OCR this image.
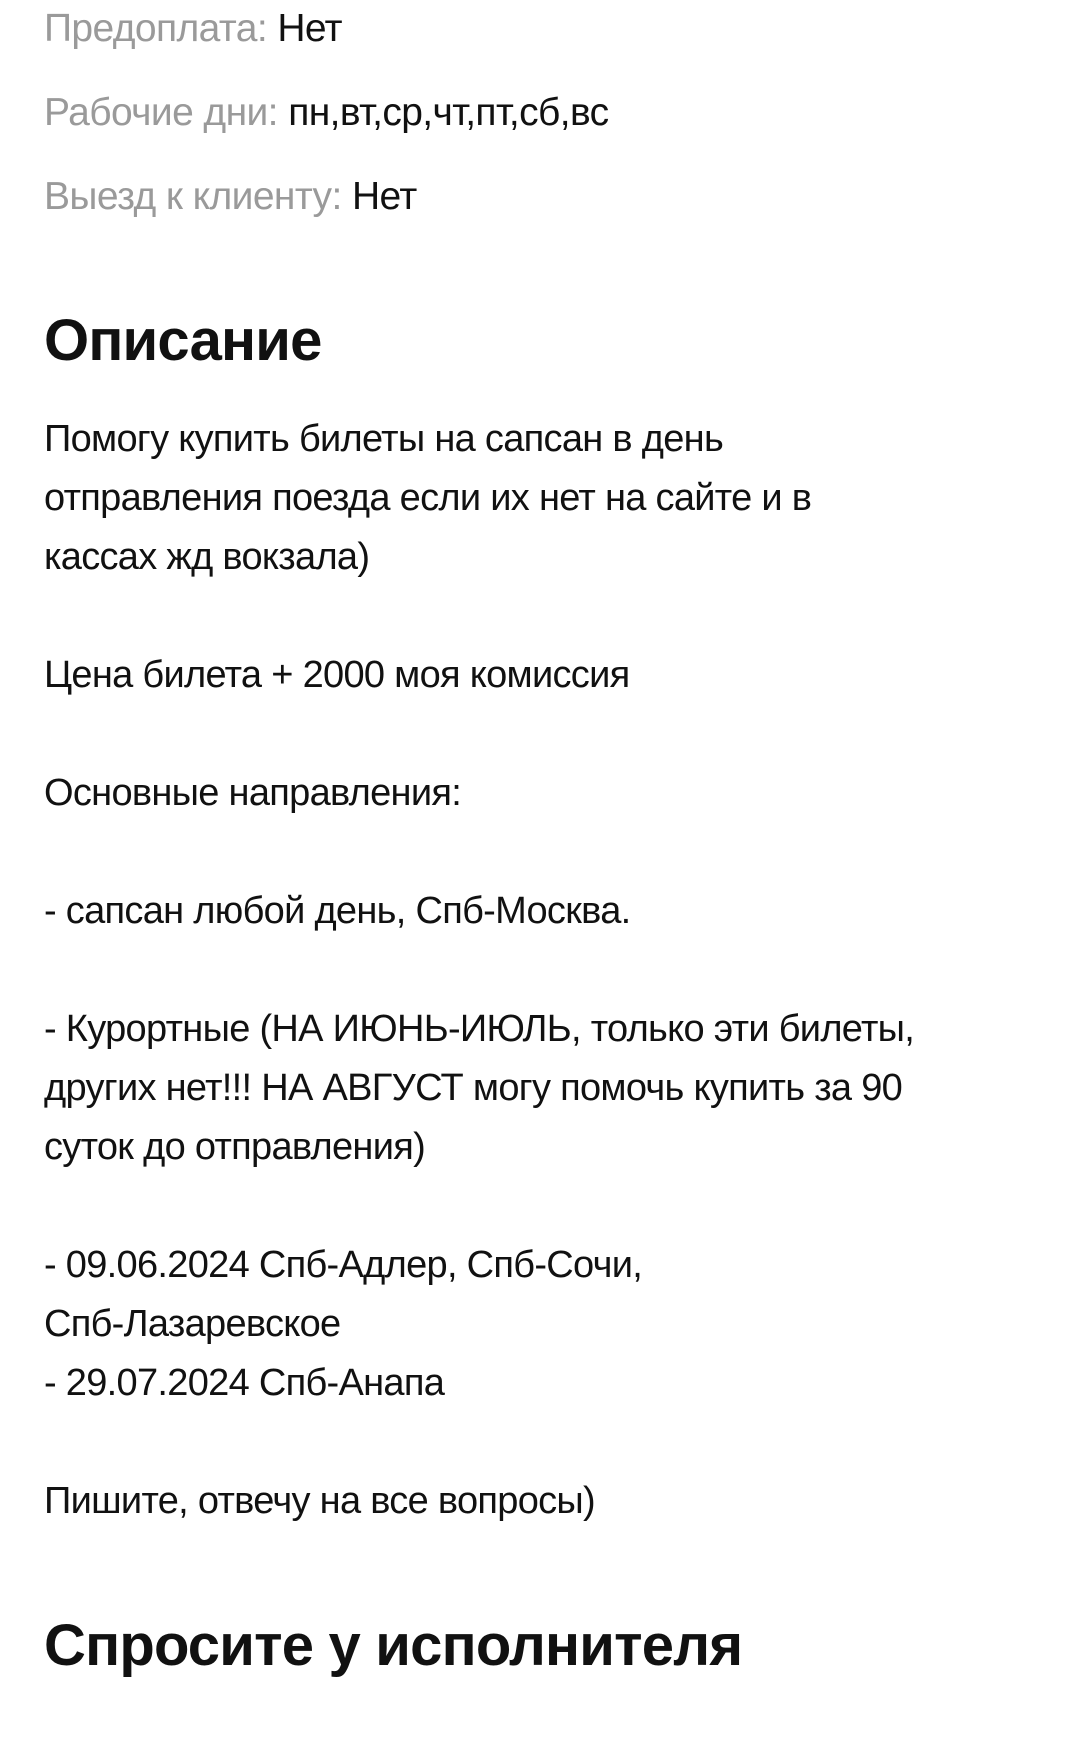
Предоплата: Нет
Рабочие дни: пн,вт,ср,чт,пт,сб,вс
Выезд к клиенту: Нет
Описание
Помогу купить билеты на сапсан в день
отправления поезда если их нет на сайте и в
кассах жд вокзала)

Цена билета + 2000 моя комиссия

Основные направления:

- сапсан любой день, Спб-Москва.

- Курортные (НА ИЮНЬ-ИЮЛЬ, только эти билеты,
других нет!!! НА АВГУСТ могу помочь купить за 90
суток до отправления)

- 09.06.2024 Спб-Адлер, Спб-Сочи,
Спб-Лазаревское
- 29.07.2024 Спб-Анапа

Пишите, отвечу на все вопросы)
Спросите у исполнителя
